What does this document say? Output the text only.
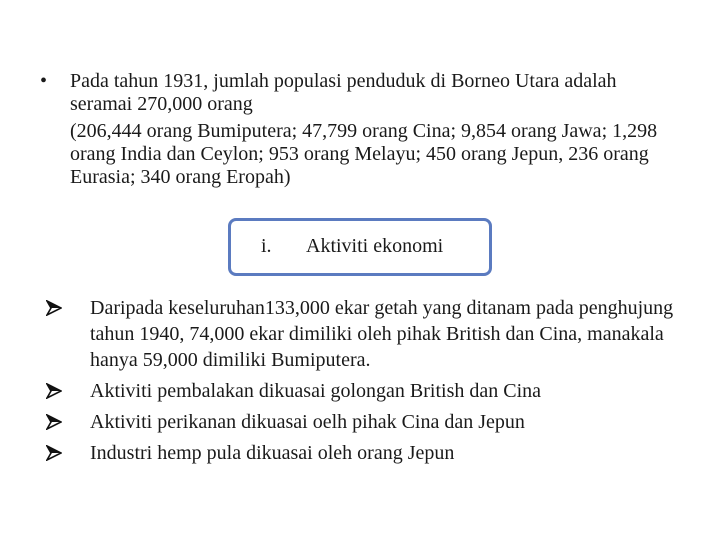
•	Pada tahun 1931, jumlah populasi penduduk di Borneo Utara adalah seramai 270,000 orang
(206,444 orang Bumiputera; 47,799 orang Cina; 9,854 orang Jawa; 1,298 orang India dan Ceylon; 953 orang Melayu; 450 orang Jepun, 236 orang Eurasia; 340 orang Eropah)
i. Aktiviti ekonomi
Daripada keseluruhan133,000 ekar getah yang ditanam pada penghujung tahun 1940, 74,000 ekar dimiliki oleh pihak British dan Cina, manakala hanya 59,000 dimiliki Bumiputera.
Aktiviti pembalakan dikuasai golongan British dan Cina
Aktiviti perikanan dikuasai oelh pihak Cina dan Jepun
Industri hemp pula dikuasai oleh orang Jepun
